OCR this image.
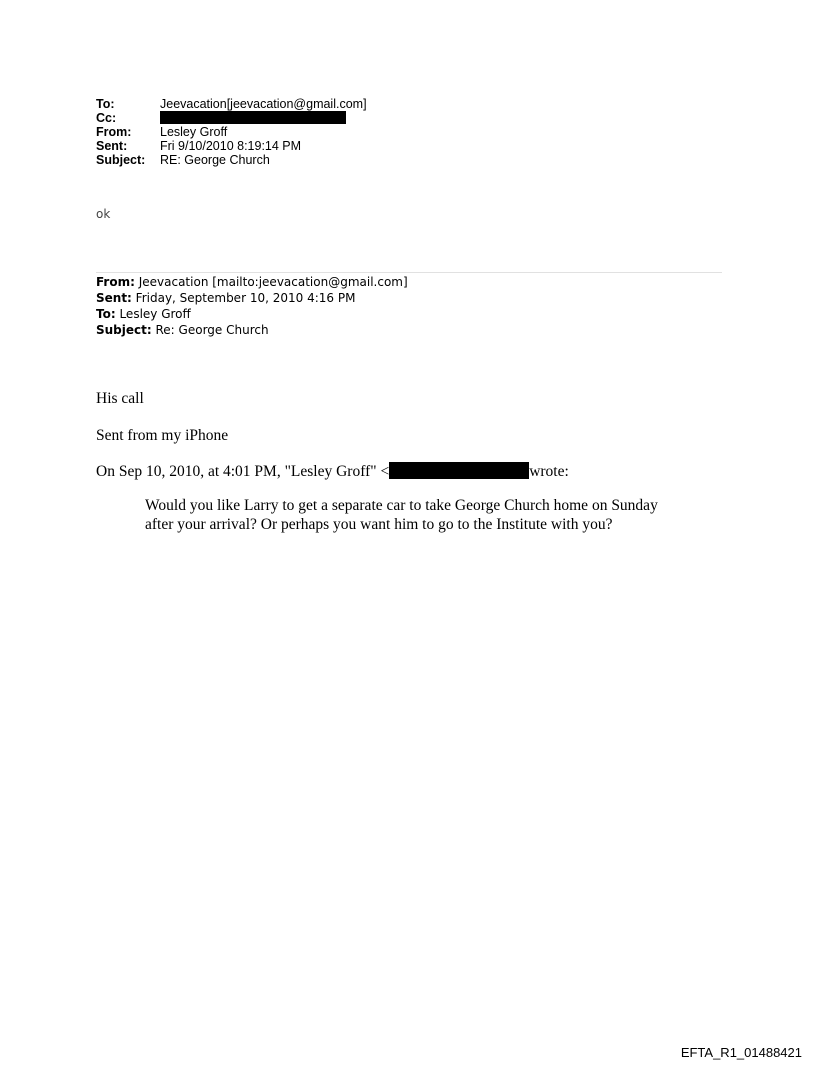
To:	Jeevacation[jeevacation@gmail.com]
Cc:
From:	Lesley Groff
Sent:	Fri 9/10/2010 8:19:14 PM
Subject:	RE: George Church
ok
From: Jeevacation [mailto:jeevacation@gmail.com]
Sent: Friday, September 10, 2010 4:16 PM
To: Lesley Groff
Subject: Re: George Church
His call
Sent from my iPhone
On Sep 10, 2010, at 4:01 PM, "Lesley Groff" <	wrote:
Would you like Larry to get a separate car to take George Church home on Sunday after your arrival? Or perhaps you want him to go to the Institute with you?
EFTA_R1_01488421
